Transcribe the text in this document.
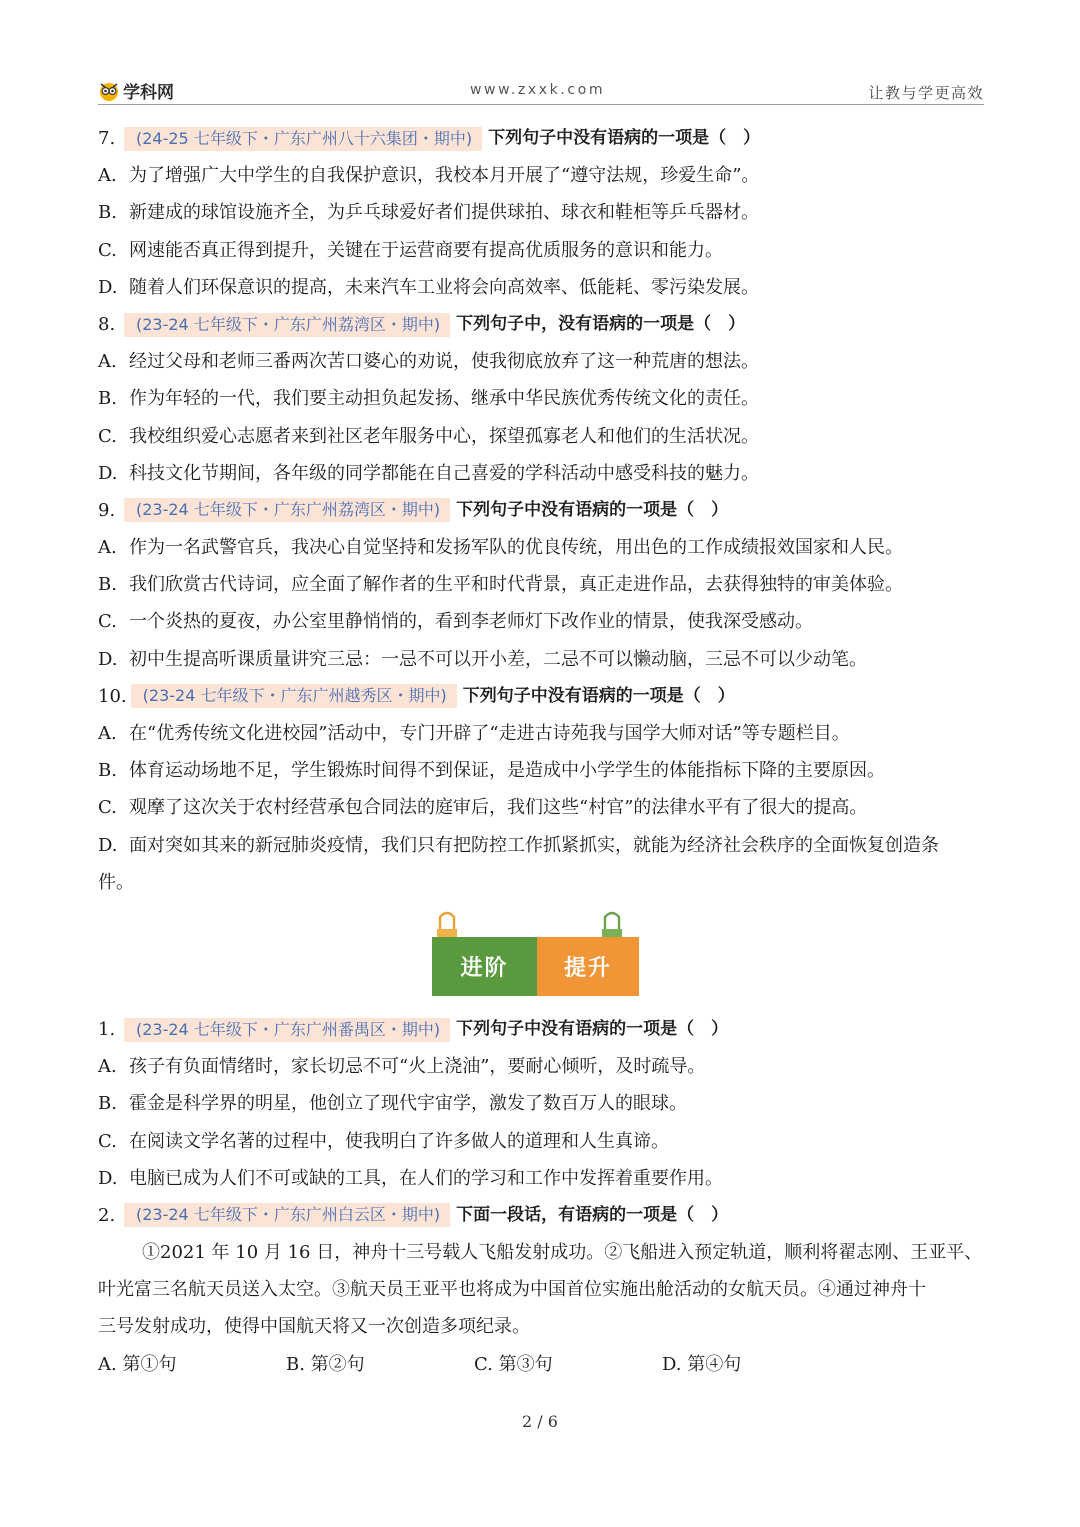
学科网	www.zxxk.com	让教与学更高效
7.	(24-25 七年级下・广东广州八十六集团・期中) 下列句子中没有语病的一项是（　）
A. 为了增强广大中学生的自我保护意识，我校本月开展了“遵守法规，珍爱生命”。
B. 新建成的球馆设施齐全，为乒乓球爱好者们提供球拍、球衣和鞋柜等乒乓器材。
C. 网速能否真正得到提升，关键在于运营商要有提高优质服务的意识和能力。
D. 随着人们环保意识的提高，未来汽车工业将会向高效率、低能耗、零污染发展。
8.	(23-24 七年级下・广东广州荔湾区・期中) 下列句子中，没有语病的一项是（　）
A. 经过父母和老师三番两次苦口婆心的劝说，使我彻底放弃了这一种荒唐的想法。
B. 作为年轻的一代，我们要主动担负起发扬、继承中华民族优秀传统文化的责任。
C. 我校组织爱心志愿者来到社区老年服务中心，探望孤寡老人和他们的生活状况。
D. 科技文化节期间，各年级的同学都能在自己喜爱的学科活动中感受科技的魅力。
9.	(23-24 七年级下・广东广州荔湾区・期中) 下列句子中没有语病的一项是（　）
A. 作为一名武警官兵，我决心自觉坚持和发扬军队的优良传统，用出色的工作成绩报效国家和人民。
B. 我们欣赏古代诗词，应全面了解作者的生平和时代背景，真正走进作品，去获得独特的审美体验。
C. 一个炎热的夏夜，办公室里静悄悄的，看到李老师灯下改作业的情景，使我深受感动。
D. 初中生提高听课质量讲究三忌：一忌不可以开小差，二忌不可以懒动脑，三忌不可以少动笔。
10.	(23-24 七年级下・广东广州越秀区・期中) 下列句子中没有语病的一项是（　）
A. 在“优秀传统文化进校园”活动中，专门开辟了“走进古诗苑我与国学大师对话”等专题栏目。
B. 体育运动场地不足，学生锻炼时间得不到保证，是造成中小学学生的体能指标下降的主要原因。
C. 观摩了这次关于农村经营承包合同法的庭审后，我们这些“村官”的法律水平有了很大的提高。
D. 面对突如其来的新冠肺炎疫情，我们只有把防控工作抓紧抓实，就能为经济社会秩序的全面恢复创造条
件。
进阶	提升
1.	(23-24 七年级下・广东广州番禺区・期中) 下列句子中没有语病的一项是（　）
A. 孩子有负面情绪时，家长切忌不可“火上浇油”，要耐心倾听，及时疏导。
B. 霍金是科学界的明星，他创立了现代宇宙学，激发了数百万人的眼球。
C. 在阅读文学名著的过程中，使我明白了许多做人的道理和人生真谛。
D. 电脑已成为人们不可或缺的工具，在人们的学习和工作中发挥着重要作用。
2.	(23-24 七年级下・广东广州白云区・期中) 下面一段话，有语病的一项是（　）
①2021 年 10 月 16 日，神舟十三号载人飞船发射成功。②飞船进入预定轨道，顺利将翟志刚、王亚平、
叶光富三名航天员送入太空。③航天员王亚平也将成为中国首位实施出舱活动的女航天员。④通过神舟十
三号发射成功，使得中国航天将又一次创造多项纪录。
A. 第①句	B. 第②句	C. 第③句	D. 第④句
2 / 6
